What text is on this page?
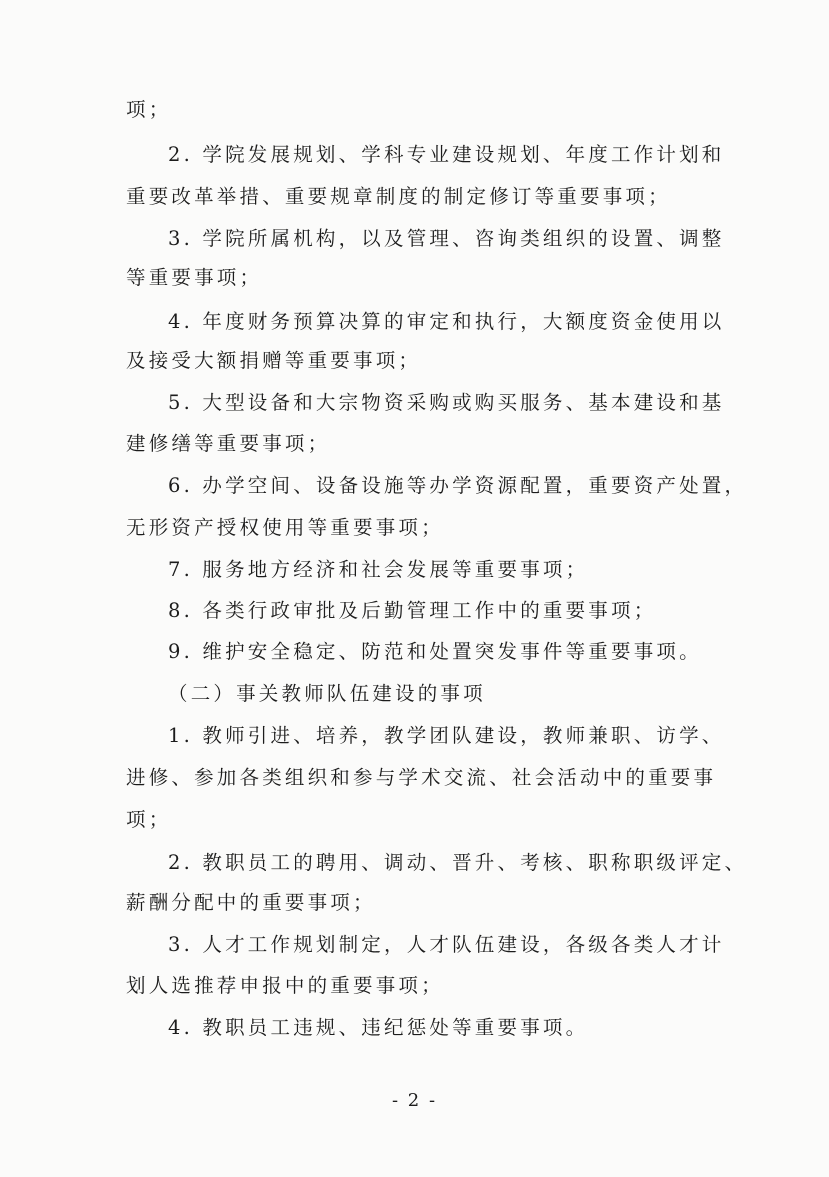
项；
2. 学院发展规划、学科专业建设规划、年度工作计划和
重要改革举措、重要规章制度的制定修订等重要事项；
3. 学院所属机构，以及管理、咨询类组织的设置、调整
等重要事项；
4. 年度财务预算决算的审定和执行，大额度资金使用以
及接受大额捐赠等重要事项；
5. 大型设备和大宗物资采购或购买服务、基本建设和基
建修缮等重要事项；
6. 办学空间、设备设施等办学资源配置，重要资产处置，
无形资产授权使用等重要事项；
7. 服务地方经济和社会发展等重要事项；
8. 各类行政审批及后勤管理工作中的重要事项；
9. 维护安全稳定、防范和处置突发事件等重要事项。
（二）事关教师队伍建设的事项
1. 教师引进、培养，教学团队建设，教师兼职、访学、
进修、参加各类组织和参与学术交流、社会活动中的重要事
项；
2. 教职员工的聘用、调动、晋升、考核、职称职级评定、
薪酬分配中的重要事项；
3. 人才工作规划制定，人才队伍建设，各级各类人才计
划人选推荐申报中的重要事项；
4. 教职员工违规、违纪惩处等重要事项。
- 2 -
